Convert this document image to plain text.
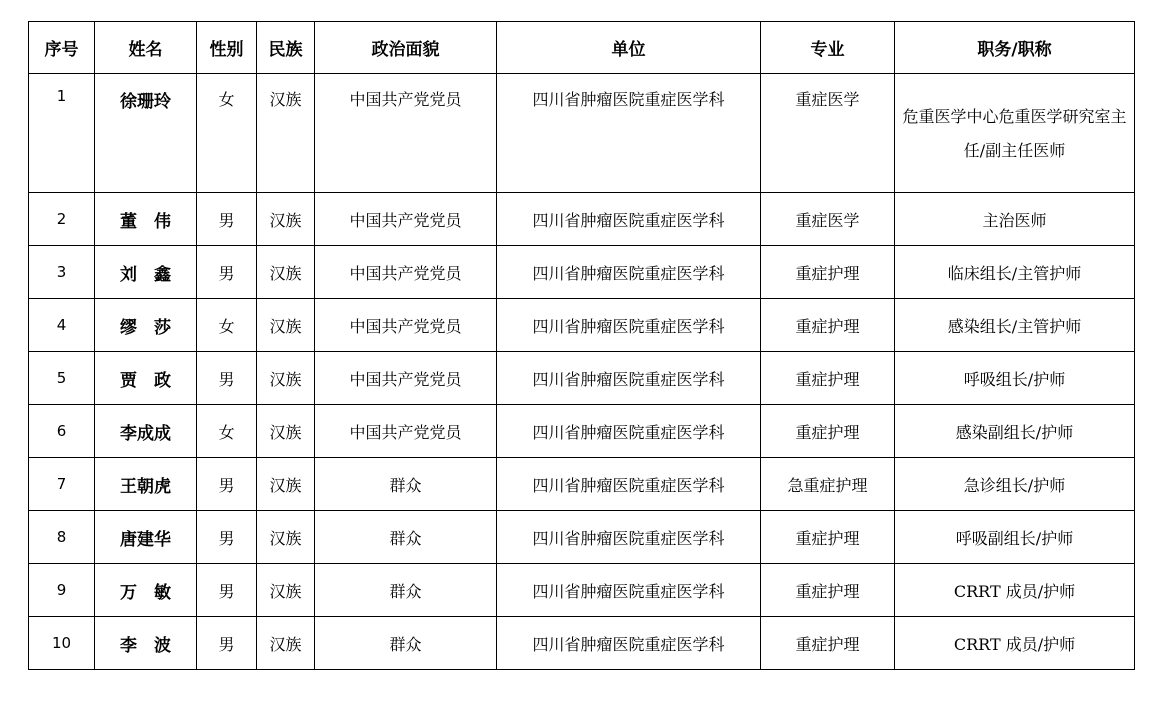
序号	姓名	性别	民族	政治面貌	单位	专业	职务/职称
1	徐珊玲	女	汉族	中国共产党党员	四川省肿瘤医院重症医学科	重症医学	危重医学中心危重医学研究室主任/副主任医师
2	董　伟	男	汉族	中国共产党党员	四川省肿瘤医院重症医学科	重症医学	主治医师
3	刘　鑫	男	汉族	中国共产党党员	四川省肿瘤医院重症医学科	重症护理	临床组长/主管护师
4	缪　莎	女	汉族	中国共产党党员	四川省肿瘤医院重症医学科	重症护理	感染组长/主管护师
5	贾　政	男	汉族	中国共产党党员	四川省肿瘤医院重症医学科	重症护理	呼吸组长/护师
6	李成成	女	汉族	中国共产党党员	四川省肿瘤医院重症医学科	重症护理	感染副组长/护师
7	王朝虎	男	汉族	群众	四川省肿瘤医院重症医学科	急重症护理	急诊组长/护师
8	唐建华	男	汉族	群众	四川省肿瘤医院重症医学科	重症护理	呼吸副组长/护师
9	万　敏	男	汉族	群众	四川省肿瘤医院重症医学科	重症护理	CRRT 成员/护师
10	李　波	男	汉族	群众	四川省肿瘤医院重症医学科	重症护理	CRRT 成员/护师
